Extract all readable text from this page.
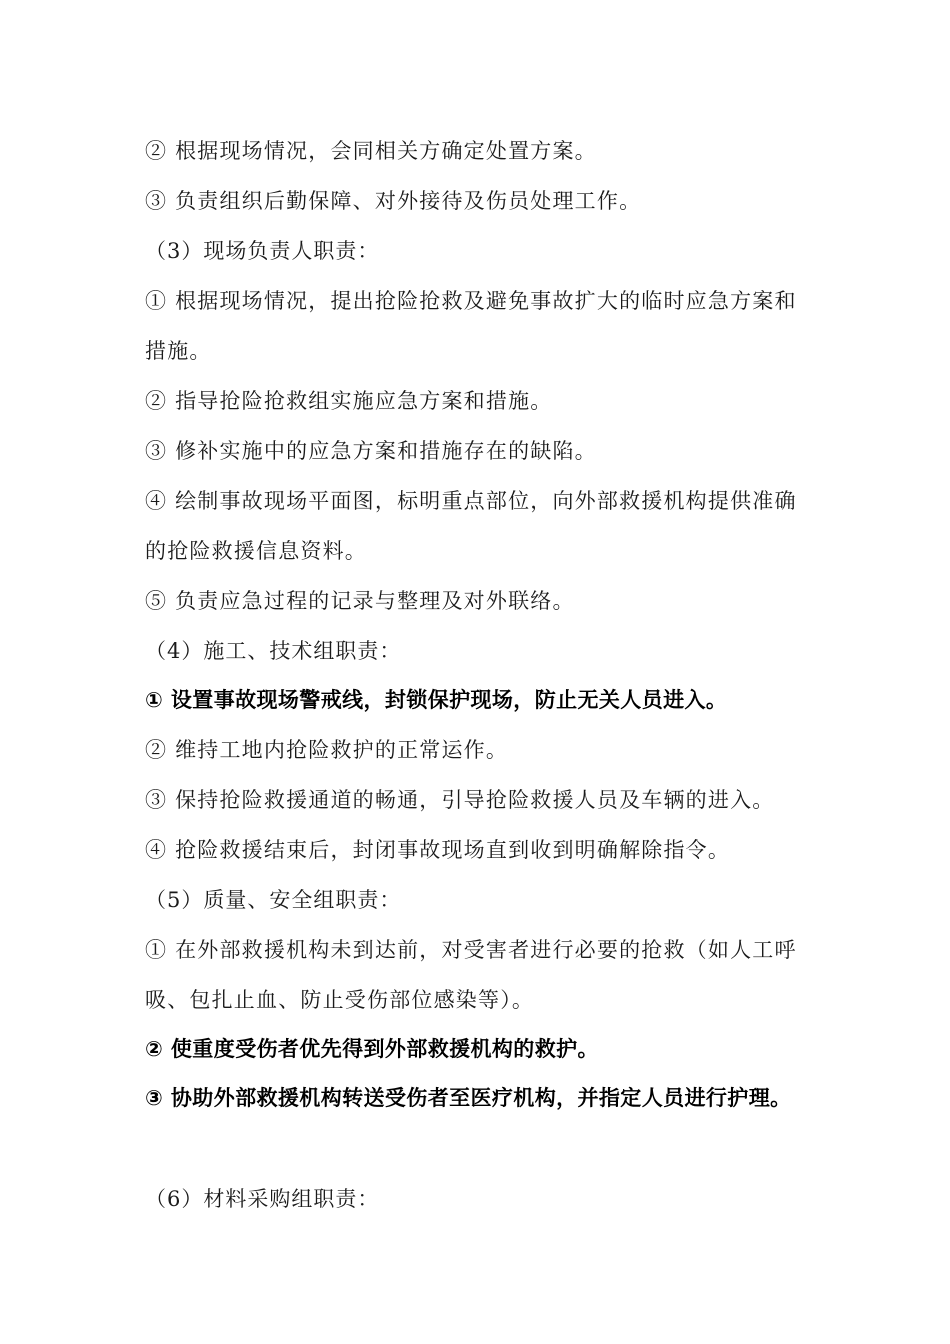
② 根据现场情况，会同相关方确定处置方案。

③ 负责组织后勤保障、对外接待及伤员处理工作。

（3）现场负责人职责：

① 根据现场情况，提出抢险抢救及避免事故扩大的临时应急方案和措施。

② 指导抢险抢救组实施应急方案和措施。

③ 修补实施中的应急方案和措施存在的缺陷。

④ 绘制事故现场平面图，标明重点部位，向外部救援机构提供准确的抢险救援信息资料。

⑤ 负责应急过程的记录与整理及对外联络。

（4）施工、技术组职责：

① 设置事故现场警戒线，封锁保护现场，防止无关人员进入。

② 维持工地内抢险救护的正常运作。

③ 保持抢险救援通道的畅通，引导抢险救援人员及车辆的进入。

④ 抢险救援结束后，封闭事故现场直到收到明确解除指令。

（5）质量、安全组职责：

① 在外部救援机构未到达前，对受害者进行必要的抢救（如人工呼吸、包扎止血、防止受伤部位感染等）。

② 使重度受伤者优先得到外部救援机构的救护。

③ 协助外部救援机构转送受伤者至医疗机构，并指定人员进行护理。

（6）材料采购组职责：
